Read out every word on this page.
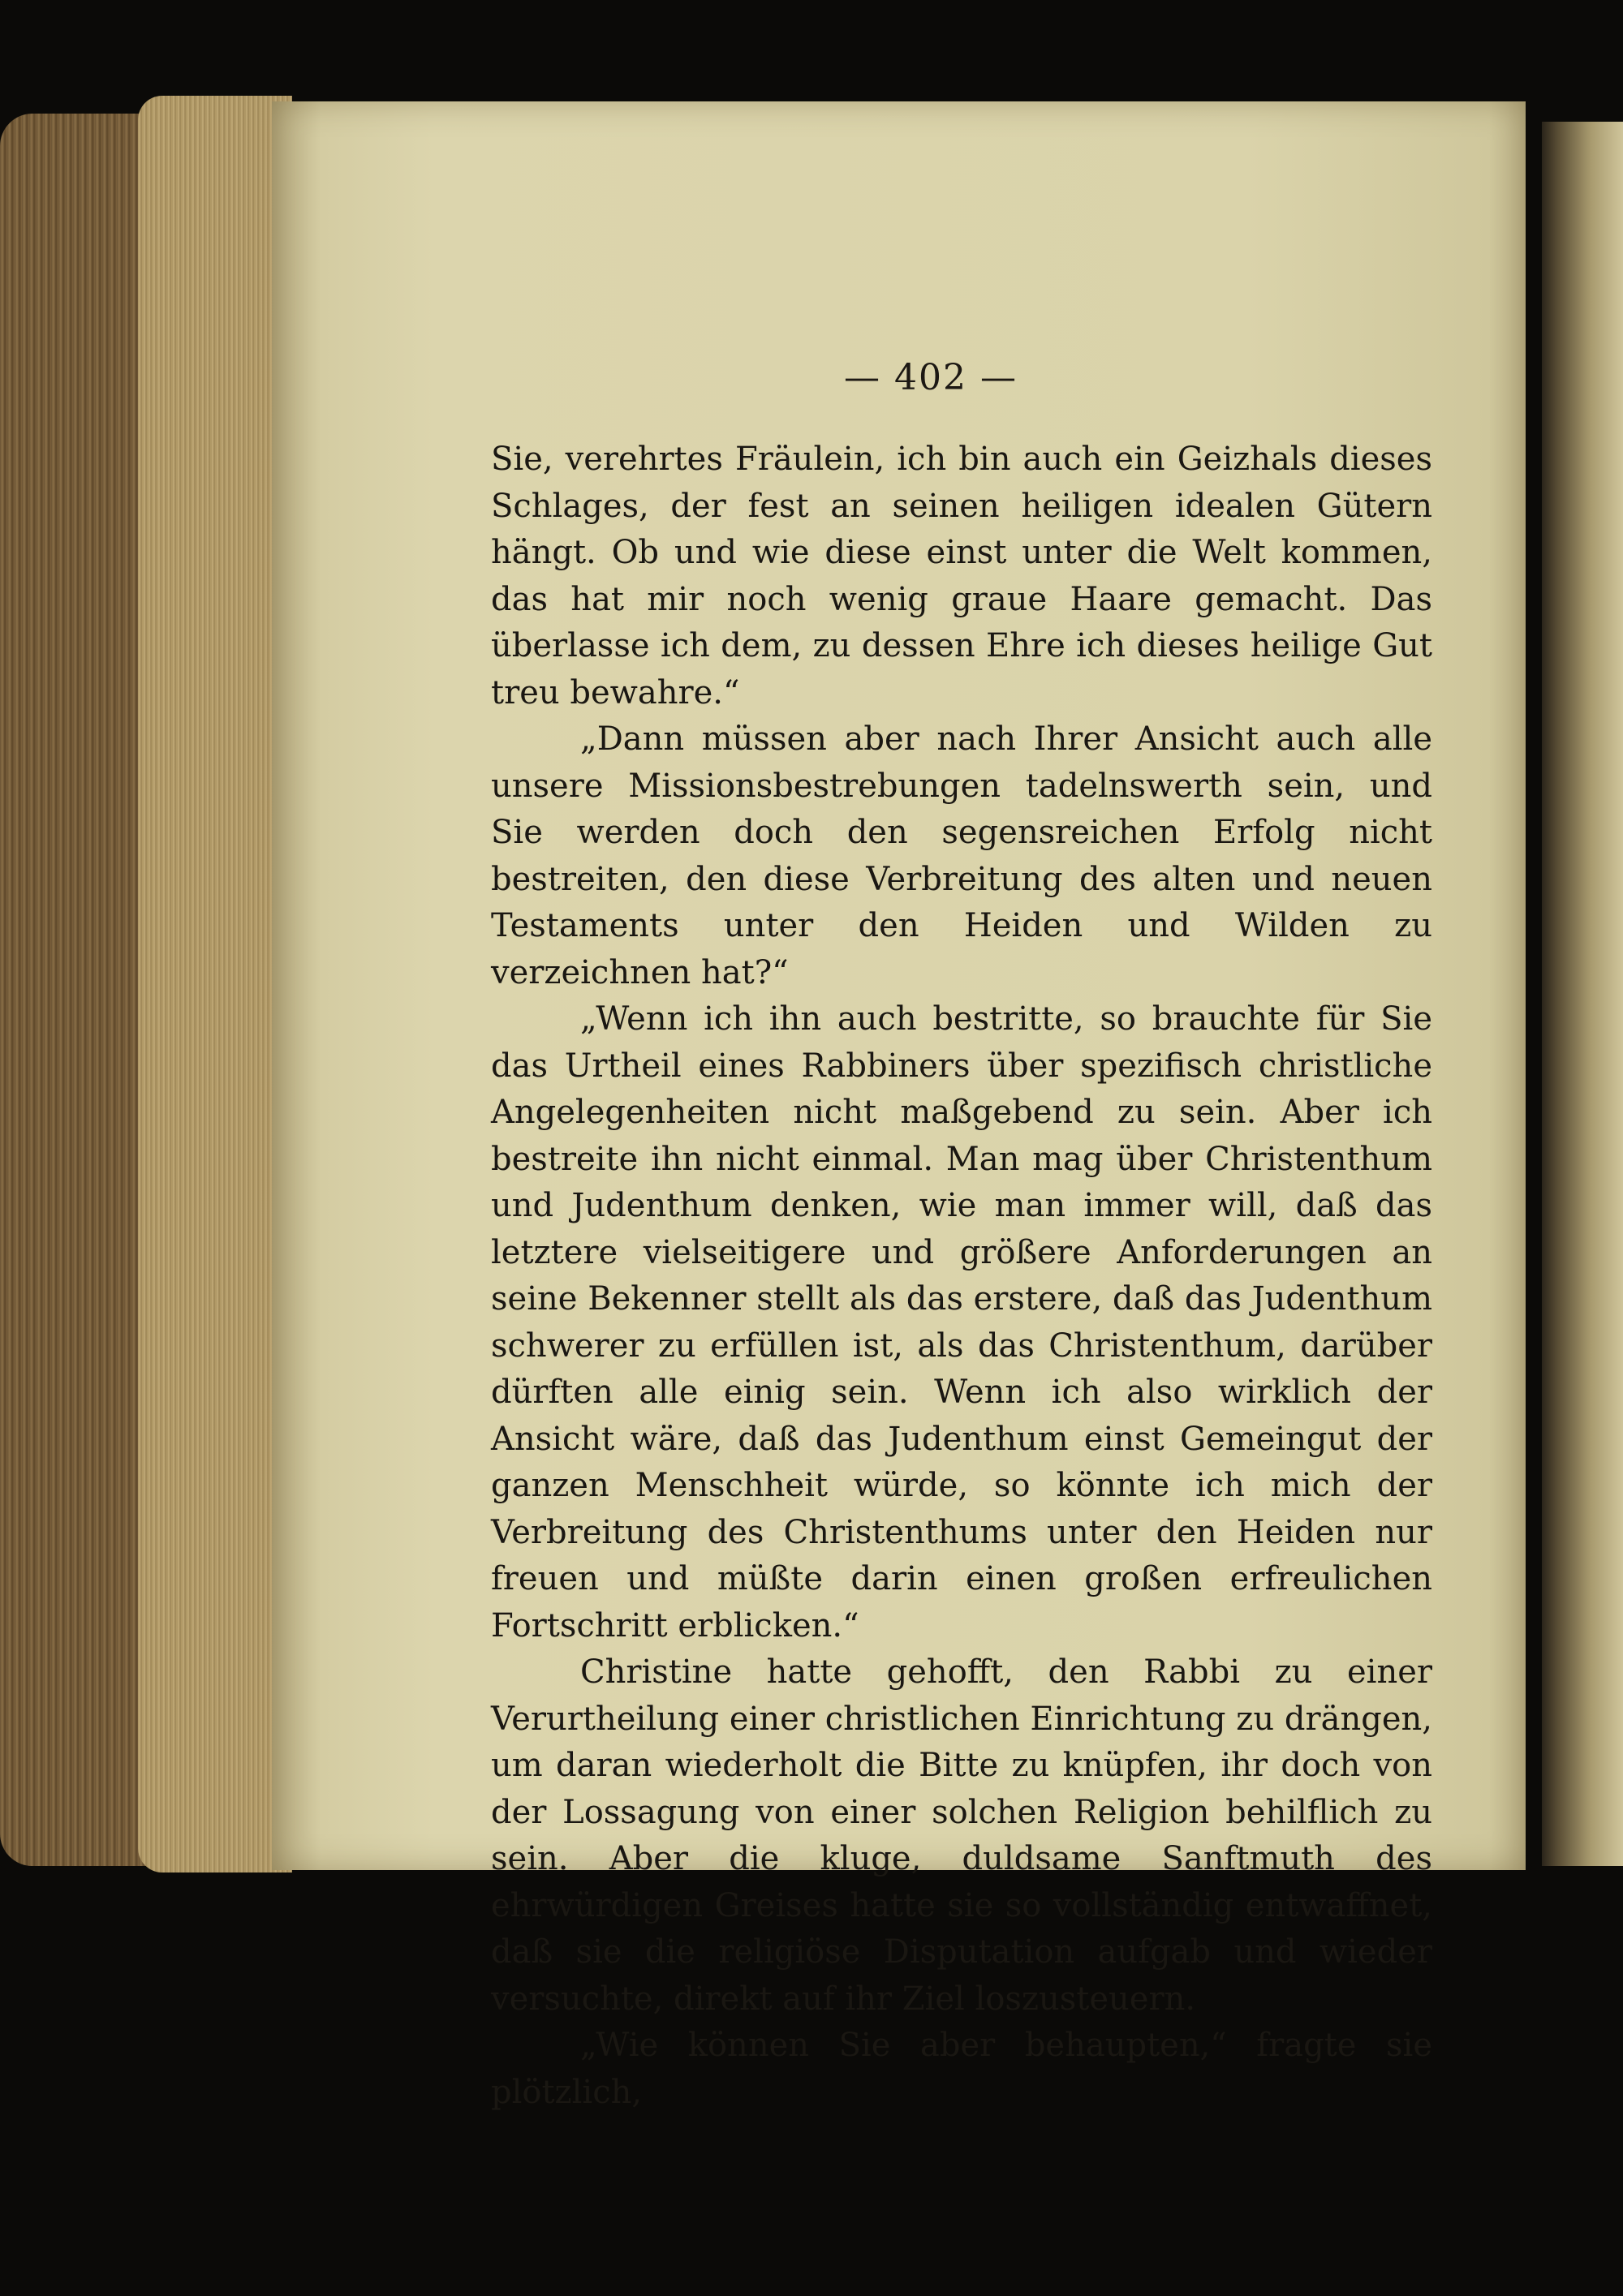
— 402 —

Sie, verehrtes Fräulein, ich bin auch ein Geizhals dieses Schlages, der fest an seinen heiligen idealen Gütern hängt. Ob und wie diese einst unter die Welt kommen, das hat mir noch wenig graue Haare gemacht. Das überlasse ich dem, zu dessen Ehre ich dieses heilige Gut treu bewahre.“

„Dann müssen aber nach Ihrer Ansicht auch alle unsere Missionsbestrebungen tadelnswerth sein, und Sie werden doch den segensreichen Erfolg nicht bestreiten, den diese Verbreitung des alten und neuen Testaments unter den Heiden und Wilden zu verzeichnen hat?“

„Wenn ich ihn auch bestritte, so brauchte für Sie das Urtheil eines Rabbiners über spezifisch christliche Angelegenheiten nicht maßgebend zu sein. Aber ich bestreite ihn nicht einmal. Man mag über Christenthum und Judenthum denken, wie man immer will, daß das letztere vielseitigere und größere Anforderungen an seine Bekenner stellt als das erstere, daß das Judenthum schwerer zu erfüllen ist, als das Christenthum, darüber dürften alle einig sein. Wenn ich also wirklich der Ansicht wäre, daß das Judenthum einst Gemeingut der ganzen Menschheit würde, so könnte ich mich der Verbreitung des Christenthums unter den Heiden nur freuen und müßte darin einen großen erfreulichen Fortschritt erblicken.“

Christine hatte gehofft, den Rabbi zu einer Verurtheilung einer christlichen Einrichtung zu drängen, um daran wiederholt die Bitte zu knüpfen, ihr doch von der Lossagung von einer solchen Religion behilflich zu sein. Aber die kluge, duldsame Sanftmuth des ehrwürdigen Greises hatte sie so vollständig entwaffnet, daß sie die religiöse Disputation aufgab und wieder versuchte, direkt auf ihr Ziel loszusteuern.

„Wie können Sie aber behaupten,“ fragte sie plötzlich,
